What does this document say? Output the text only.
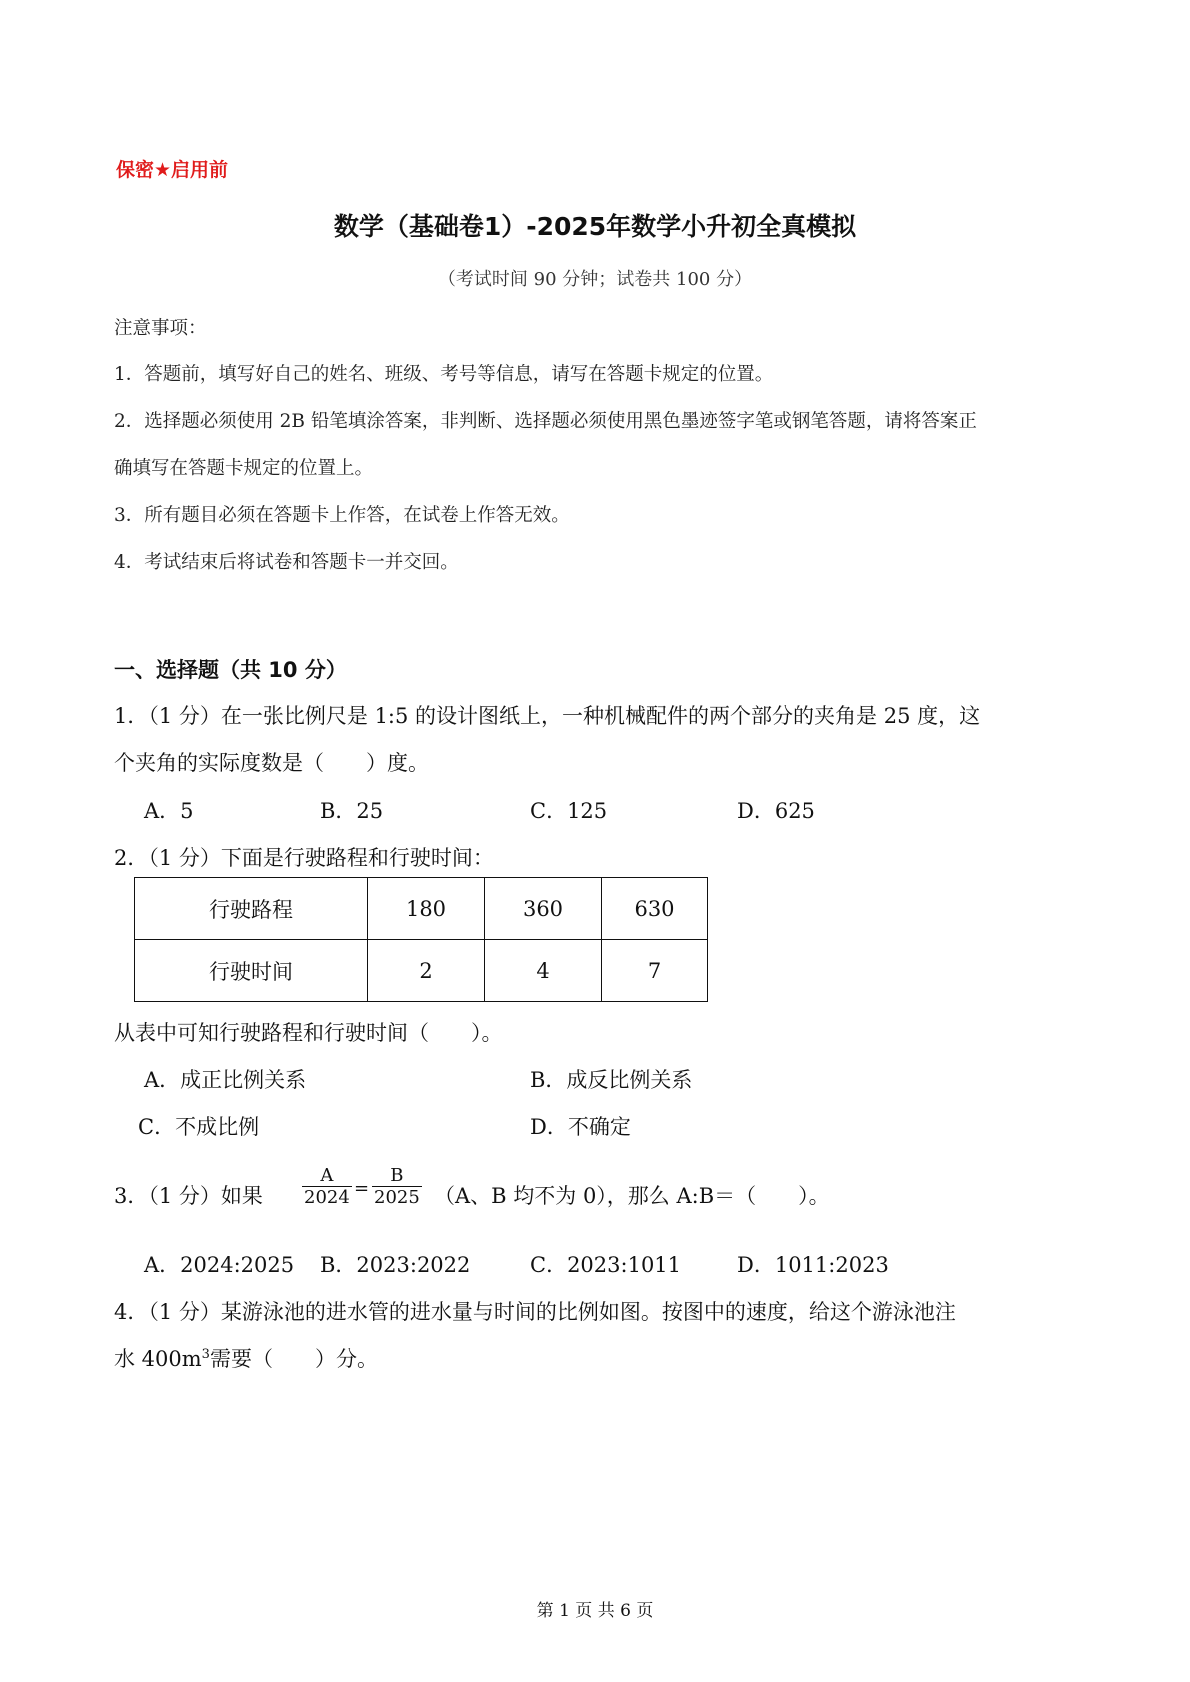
保密★启用前
数学（基础卷1）-2025年数学小升初全真模拟
（考试时间 90 分钟；试卷共 100 分）
注意事项：
1．答题前，填写好自己的姓名、班级、考号等信息，请写在答题卡规定的位置。
2．选择题必须使用 2B 铅笔填涂答案，非判断、选择题必须使用黑色墨迹签字笔或钢笔答题，请将答案正
确填写在答题卡规定的位置上。
3．所有题目必须在答题卡上作答，在试卷上作答无效。
4．考试结束后将试卷和答题卡一并交回。
一、选择题（共 10 分）
1．（1 分）在一张比例尺是 1:5 的设计图纸上，一种机械配件的两个部分的夹角是 25 度，这
个夹角的实际度数是（　　）度。
A．5	B．25	C．125	D．625
2．（1 分）下面是行驶路程和行驶时间：
行驶路程	180	360	630
行驶时间	2	4	7
从表中可知行驶路程和行驶时间（　　）。
A．成正比例关系	B．成反比例关系
C．不成比例	D．不确定
3．（1 分）如果 $\frac{A}{2024} = \frac{B}{2025} (A$、B 均不为 0），那么 A:B＝（　　）。
A．2024:2025 B．2023:2022	C．2023:1011	D．1011:2023
4．（1 分）某游泳池的进水管的进水量与时间的比例如图。按图中的速度，给这个游泳池注
水 $400m^3$需要（　　）分。
第 1 页 共 6 页
